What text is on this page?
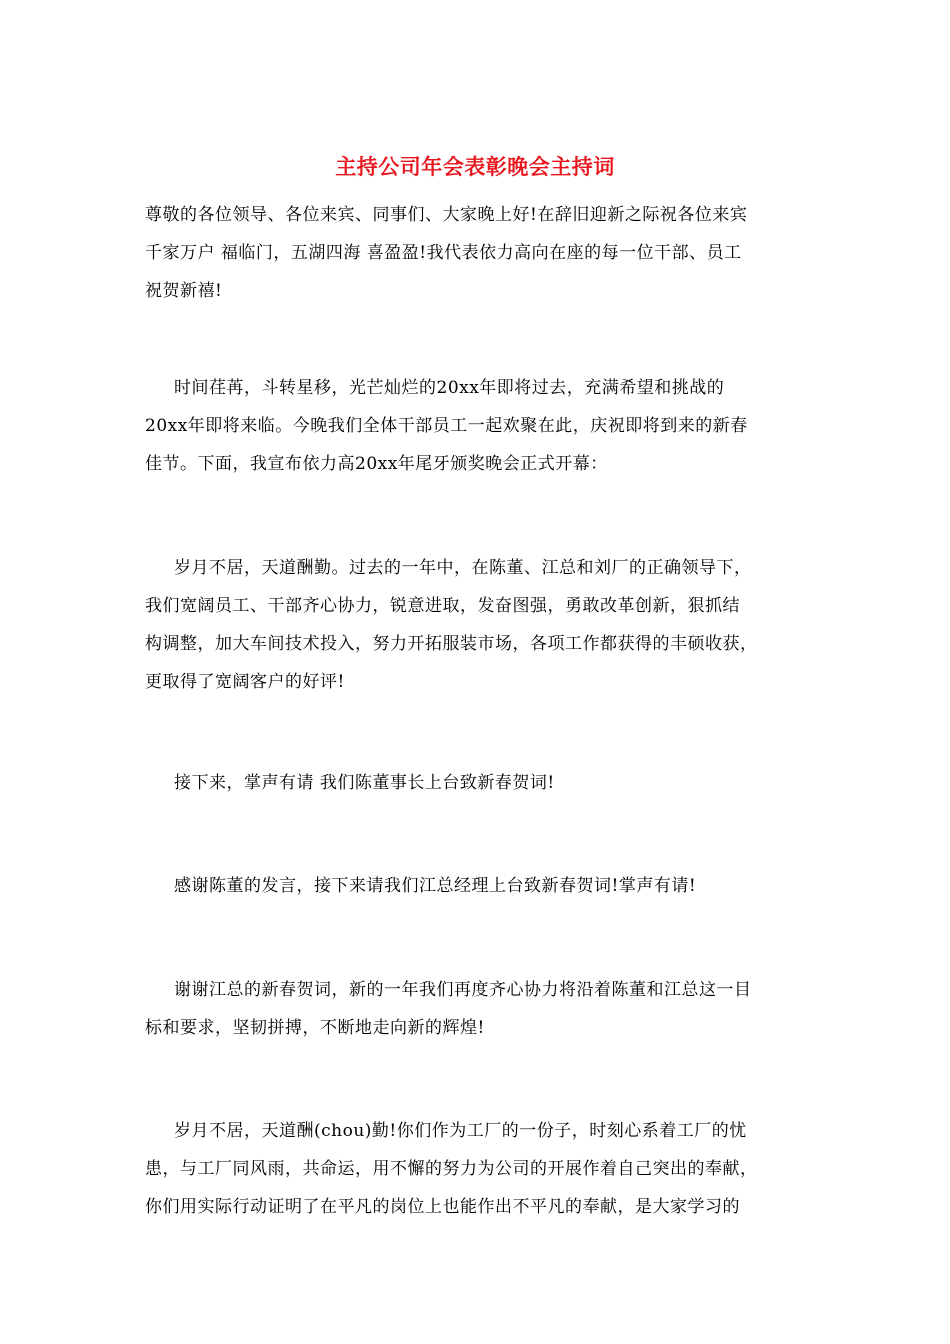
主持公司年会表彰晚会主持词
尊敬的各位领导、各位来宾、同事们、大家晚上好!在辞旧迎新之际祝各位来宾
千家万户 福临门，五湖四海 喜盈盈!我代表依力高向在座的每一位干部、员工
祝贺新禧!
时间荏苒，斗转星移，光芒灿烂的20xx年即将过去，充满希望和挑战的
20xx年即将来临。今晚我们全体干部员工一起欢聚在此，庆祝即将到来的新春
佳节。下面，我宣布依力高20xx年尾牙颁奖晚会正式开幕：
岁月不居，天道酬勤。过去的一年中，在陈董、江总和刘厂的正确领导下，
我们宽阔员工、干部齐心协力，锐意进取，发奋图强，勇敢改革创新，狠抓结
构调整，加大车间技术投入，努力开拓服装市场，各项工作都获得的丰硕收获，
更取得了宽阔客户的好评!
接下来，掌声有请 我们陈董事长上台致新春贺词!
感谢陈董的发言，接下来请我们江总经理上台致新春贺词!掌声有请!
谢谢江总的新春贺词，新的一年我们再度齐心协力将沿着陈董和江总这一目
标和要求，坚韧拼搏，不断地走向新的辉煌!
岁月不居，天道酬(chou)勤!你们作为工厂的一份子，时刻心系着工厂的忧
患，与工厂同风雨，共命运，用不懈的努力为公司的开展作着自己突出的奉献，
你们用实际行动证明了在平凡的岗位上也能作出不平凡的奉献，是大家学习的
